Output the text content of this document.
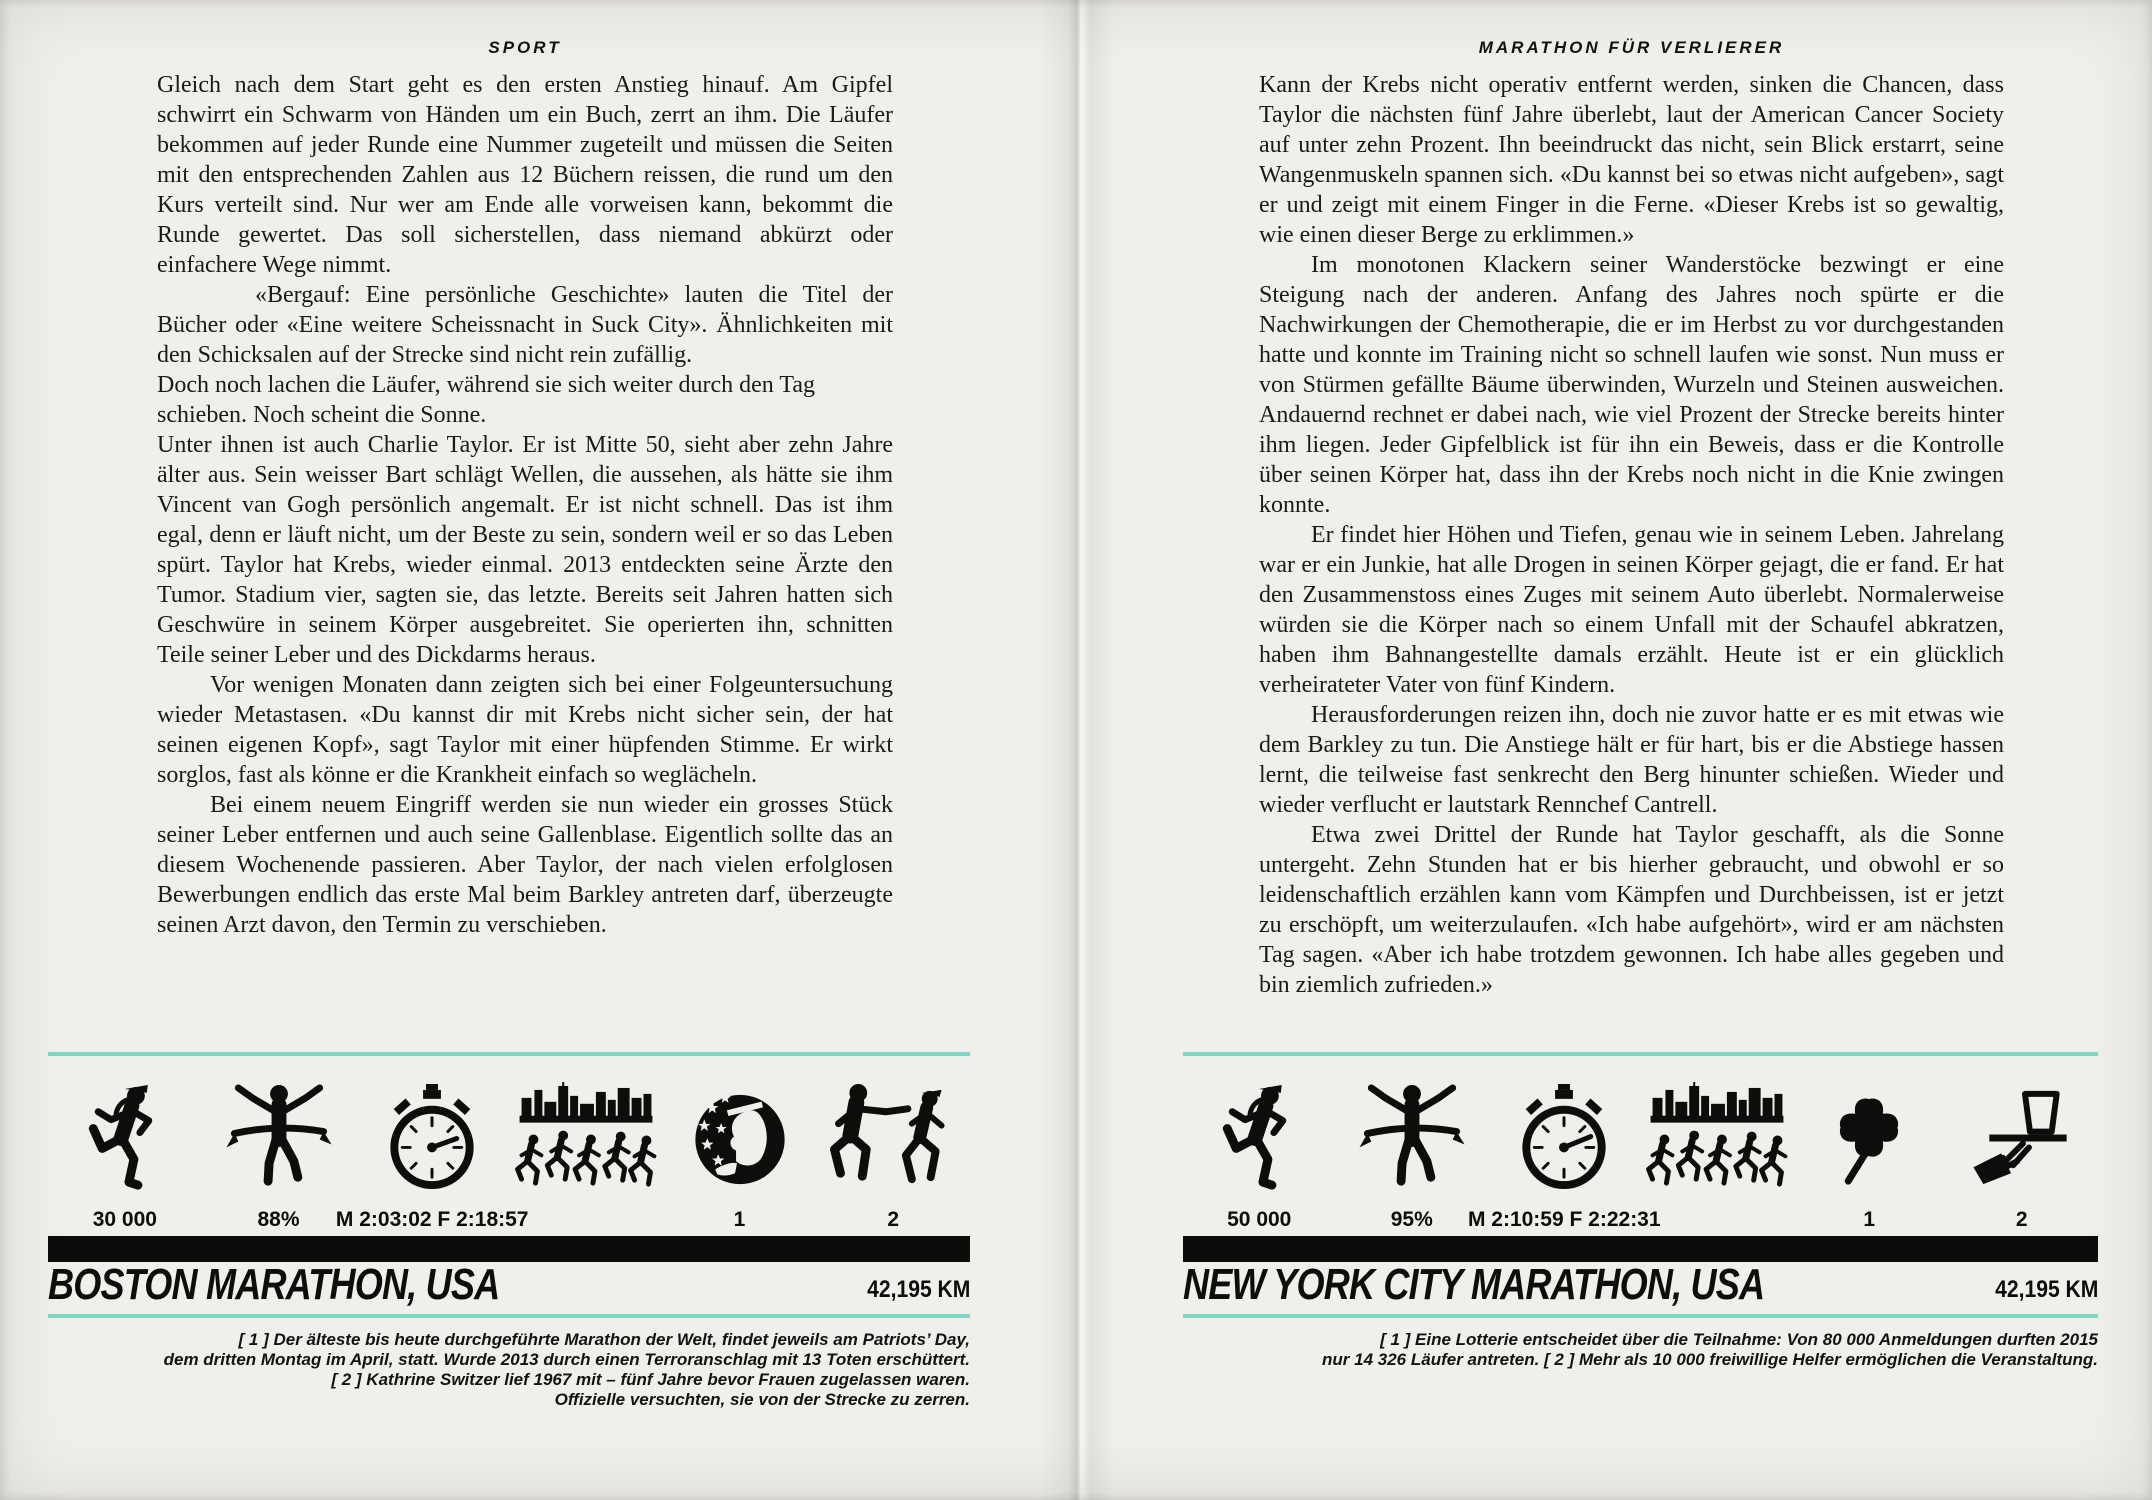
SPORT

Gleich nach dem Start geht es den ersten Anstieg hinauf. Am Gipfel schwirrt ein Schwarm von Händen um ein Buch, zerrt an ihm. Die Läufer bekommen auf jeder Runde eine Nummer zugeteilt und müssen die Seiten mit den entsprechenden Zahlen aus 12 Büchern reissen, die rund um den Kurs verteilt sind. Nur wer am Ende alle vorweisen kann, bekommt die Runde gewertet. Das soll sicherstellen, dass niemand abkürzt oder einfachere Wege nimmt.

«Bergauf: Eine persönliche Geschichte» lauten die Titel der Bücher oder «Eine weitere Scheissnacht in Suck City». Ähnlichkeiten mit den Schicksalen auf der Strecke sind nicht rein zufällig.

Doch noch lachen die Läufer, während sie sich weiter durch den Tag schieben. Noch scheint die Sonne.

Unter ihnen ist auch Charlie Taylor. Er ist Mitte 50, sieht aber zehn Jahre älter aus. Sein weisser Bart schlägt Wellen, die aussehen, als hätte sie ihm Vincent van Gogh persönlich angemalt. Er ist nicht schnell. Das ist ihm egal, denn er läuft nicht, um der Beste zu sein, sondern weil er so das Leben spürt. Taylor hat Krebs, wieder einmal. 2013 entdeckten seine Ärzte den Tumor. Stadium vier, sagten sie, das letzte. Bereits seit Jahren hatten sich Geschwüre in seinem Körper ausgebreitet. Sie operierten ihn, schnitten Teile seiner Leber und des Dickdarms heraus.

Vor wenigen Monaten dann zeigten sich bei einer Folgeuntersuchung wieder Metastasen. «Du kannst dir mit Krebs nicht sicher sein, der hat seinen eigenen Kopf», sagt Taylor mit einer hüpfenden Stimme. Er wirkt sorglos, fast als könne er die Krankheit einfach so weglächeln.

Bei einem neuem Eingriff werden sie nun wieder ein grosses Stück seiner Leber entfernen und auch seine Gallenblase. Eigentlich sollte das an diesem Wochenende passieren. Aber Taylor, der nach vielen erfolglosen Bewerbungen endlich das erste Mal beim Barkley antreten darf, überzeugte seinen Arzt davon, den Termin zu verschieben.

30 000	88% M 2:03:02 F 2:18:57	1	2
BOSTON MARATHON, USA	42,195 KM
[ 1 ] Der älteste bis heute durchgeführte Marathon der Welt, findet jeweils am Patriots’ Day,
dem dritten Montag im April, statt. Wurde 2013 durch einen Terroranschlag mit 13 Toten erschüttert.
[ 2 ] Kathrine Switzer lief 1967 mit – fünf Jahre bevor Frauen zugelassen waren.
Offizielle versuchten, sie von der Strecke zu zerren.
MARATHON FÜR VERLIERER

Kann der Krebs nicht operativ entfernt werden, sinken die Chancen, dass Taylor die nächsten fünf Jahre überlebt, laut der American Cancer Society auf unter zehn Prozent. Ihn beeindruckt das nicht, sein Blick erstarrt, seine Wangenmuskeln spannen sich. «Du kannst bei so etwas nicht aufgeben», sagt er und zeigt mit einem Finger in die Ferne. «Dieser Krebs ist so gewaltig, wie einen dieser Berge zu erklimmen.»

Im monotonen Klackern seiner Wanderstöcke bezwingt er eine Steigung nach der anderen. Anfang des Jahres noch spürte er die Nachwirkungen der Chemotherapie, die er im Herbst zu vor durchgestanden hatte und konnte im Training nicht so schnell laufen wie sonst. Nun muss er von Stürmen gefällte Bäume überwinden, Wurzeln und Steinen ausweichen. Andauernd rechnet er dabei nach, wie viel Prozent der Strecke bereits hinter ihm liegen. Jeder Gipfelblick ist für ihn ein Beweis, dass er die Kontrolle über seinen Körper hat, dass ihn der Krebs noch nicht in die Knie zwingen konnte.

Er findet hier Höhen und Tiefen, genau wie in seinem Leben. Jahrelang war er ein Junkie, hat alle Drogen in seinen Körper gejagt, die er fand. Er hat den Zusammenstoss eines Zuges mit seinem Auto überlebt. Normalerweise würden sie die Körper nach so einem Unfall mit der Schaufel abkratzen, haben ihm Bahnangestellte damals erzählt. Heute ist er ein glücklich verheirateter Vater von fünf Kindern.

Herausforderungen reizen ihn, doch nie zuvor hatte er es mit etwas wie dem Barkley zu tun. Die Anstiege hält er für hart, bis er die Abstiege hassen lernt, die teilweise fast senkrecht den Berg hinunter schießen. Wieder und wieder verflucht er lautstark Rennchef Cantrell.

Etwa zwei Drittel der Runde hat Taylor geschafft, als die Sonne untergeht. Zehn Stunden hat er bis hierher gebraucht, und obwohl er so leidenschaftlich erzählen kann vom Kämpfen und Durchbeissen, ist er jetzt zu erschöpft, um weiterzulaufen. «Ich habe aufgehört», wird er am nächsten Tag sagen. «Aber ich habe trotzdem gewonnen. Ich habe alles gegeben und bin ziemlich zufrieden.»

50 000	95% M 2:10:59 F 2:22:31	1	2
NEW YORK CITY MARATHON, USA	42,195 KM
[ 1 ] Eine Lotterie entscheidet über die Teilnahme: Von 80 000 Anmeldungen durften 2015
nur 14 326 Läufer antreten. [ 2 ] Mehr als 10 000 freiwillige Helfer ermöglichen die Veranstaltung.
